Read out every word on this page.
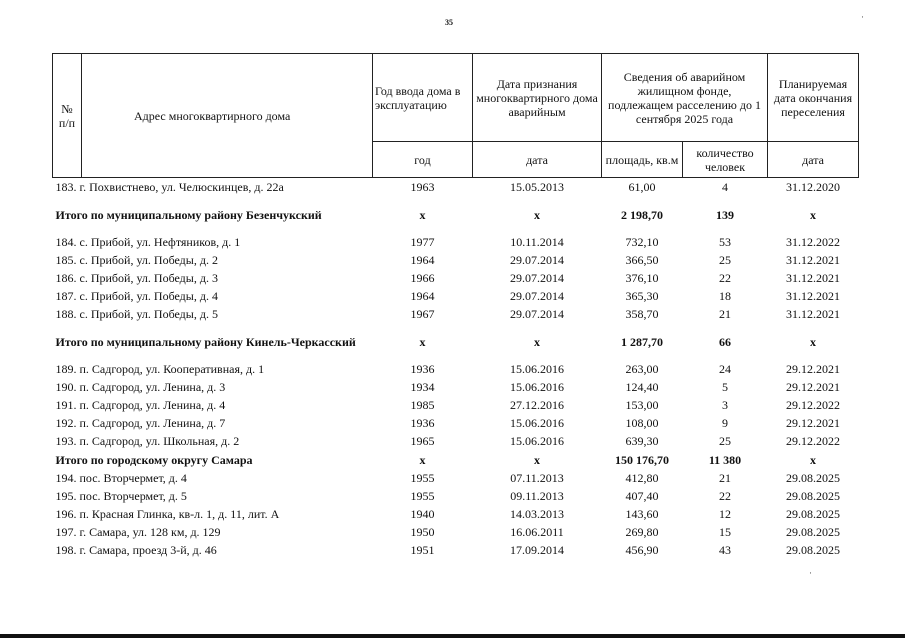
35
·
·
№
п/п	Адрес многоквартирного дома	Год ввода дома в эксплуатацию	Дата признания многоквартирного дома аварийным	Сведения об аварийном жилищном фонде, подлежащем расселению до 1 сентября 2025 года		Планируемая дата окончания переселения
		год	дата	площадь, кв.м	количество человек	дата
183. г. Похвистнево, ул. Челюскинцев, д. 22а		1963	15.05.2013	61,00	4	31.12.2020
Итого по муниципальному району Безенчукский		х	х	2 198,70	139	х
184. с. Прибой, ул. Нефтяников, д. 1		1977	10.11.2014	732,10	53	31.12.2022
185. с. Прибой, ул. Победы, д. 2		1964	29.07.2014	366,50	25	31.12.2021
186. с. Прибой, ул. Победы, д. 3		1966	29.07.2014	376,10	22	31.12.2021
187. с. Прибой, ул. Победы, д. 4		1964	29.07.2014	365,30	18	31.12.2021
188. с. Прибой, ул. Победы, д. 5		1967	29.07.2014	358,70	21	31.12.2021
Итого по муниципальному району Кинель-Черкасский		х	х	1 287,70	66	х
189. п. Садгород, ул. Кооперативная, д. 1		1936	15.06.2016	263,00	24	29.12.2021
190. п. Садгород, ул. Ленина, д. 3		1934	15.06.2016	124,40	5	29.12.2021
191. п. Садгород, ул. Ленина, д. 4		1985	27.12.2016	153,00	3	29.12.2022
192. п. Садгород, ул. Ленина, д. 7		1936	15.06.2016	108,00	9	29.12.2021
193. п. Садгород, ул. Школьная, д. 2		1965	15.06.2016	639,30	25	29.12.2022
Итого по городскому округу Самара		х	х	150 176,70	11 380	х
194. пос. Вторчермет, д. 4		1955	07.11.2013	412,80	21	29.08.2025
195. пос. Вторчермет, д. 5		1955	09.11.2013	407,40	22	29.08.2025
196. п. Красная Глинка, кв-л. 1, д. 11, лит. А		1940	14.03.2013	143,60	12	29.08.2025
197. г. Самара, ул. 128 км, д. 129		1950	16.06.2011	269,80	15	29.08.2025
198. г. Самара, проезд 3-й, д. 46		1951	17.09.2014	456,90	43	29.08.2025
